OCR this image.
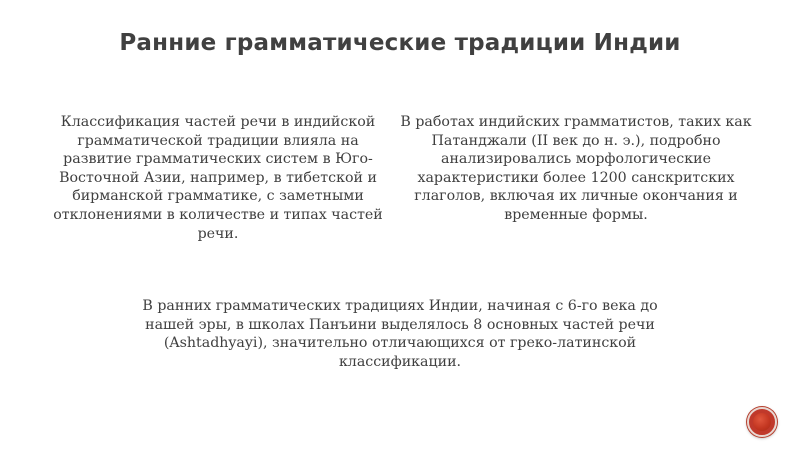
Ранние грамматические традиции Индии
Классификация частей речи в индийской грамматической традиции влияла на развитие грамматических систем в Юго-Восточной Азии, например, в тибетской и бирманской грамматике, с заметными отклонениями в количестве и типах частей речи.
В работах индийских грамматистов, таких как Патанджали (II век до н. э.), подробно анализировались морфологические характеристики более 1200 санскритских глаголов, включая их личные окончания и временные формы.
В ранних грамматических традициях Индии, начиная с 6-го века до нашей эры, в школах Панъини выделялось 8 основных частей речи (Ashtadhyayi), значительно отличающихся от греко-латинской классификации.
